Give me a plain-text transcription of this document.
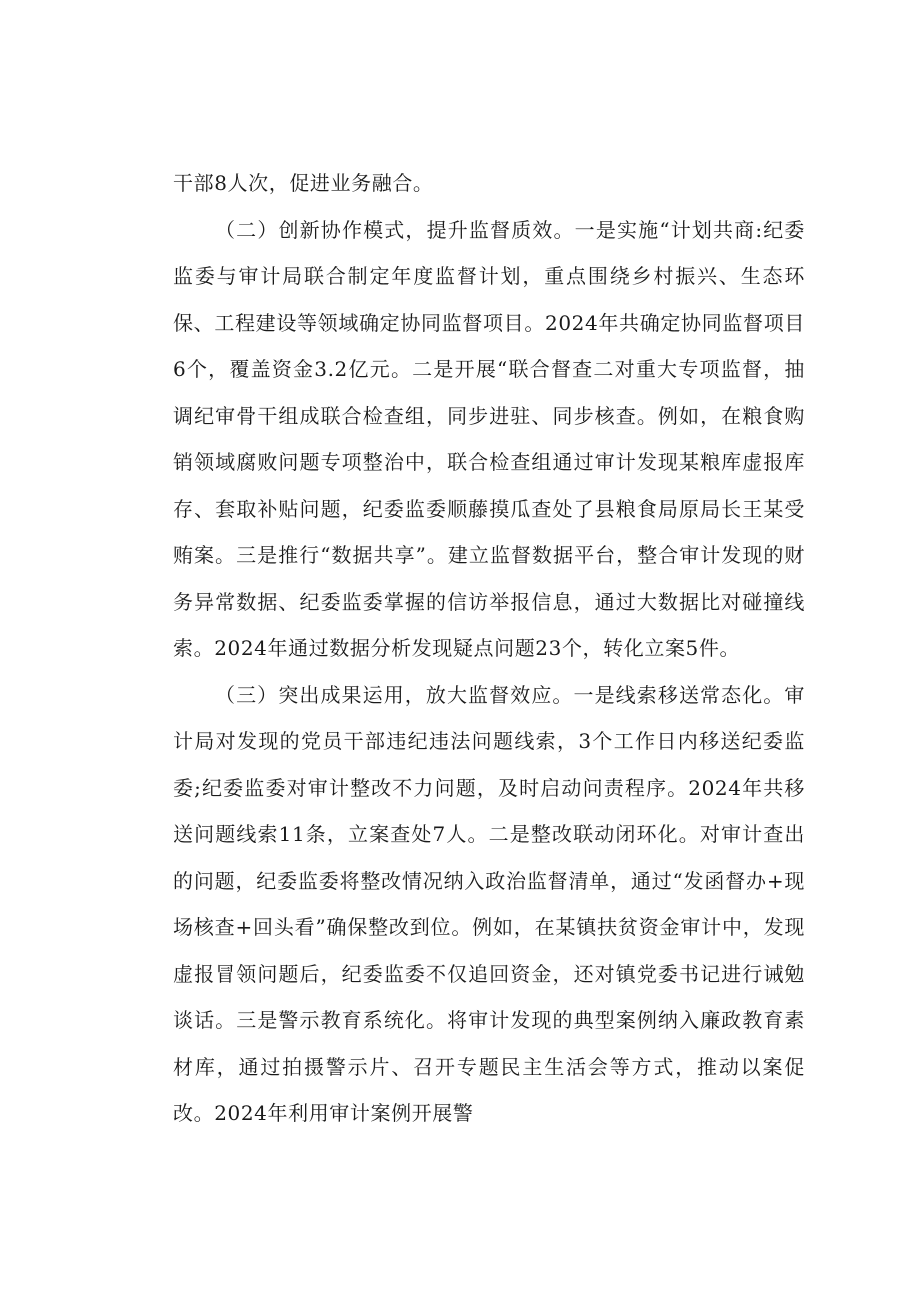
干部8人次，促进业务融合。

（二）创新协作模式，提升监督质效。一是实施“计划共商:纪委监委与审计局联合制定年度监督计划，重点围绕乡村振兴、生态环保、工程建设等领域确定协同监督项目。2024年共确定协同监督项目6个，覆盖资金3.2亿元。二是开展“联合督查二对重大专项监督，抽调纪审骨干组成联合检查组，同步进驻、同步核查。例如，在粮食购销领域腐败问题专项整治中，联合检查组通过审计发现某粮库虚报库存、套取补贴问题，纪委监委顺藤摸瓜查处了县粮食局原局长王某受贿案。三是推行“数据共享”。建立监督数据平台，整合审计发现的财务异常数据、纪委监委掌握的信访举报信息，通过大数据比对碰撞线索。2024年通过数据分析发现疑点问题23个，转化立案5件。

（三）突出成果运用，放大监督效应。一是线索移送常态化。审计局对发现的党员干部违纪违法问题线索，3个工作日内移送纪委监委;纪委监委对审计整改不力问题，及时启动问责程序。2024年共移送问题线索11条，立案查处7人。二是整改联动闭环化。对审计查出的问题，纪委监委将整改情况纳入政治监督清单，通过“发函督办+现场核查+回头看”确保整改到位。例如，在某镇扶贫资金审计中，发现虚报冒领问题后，纪委监委不仅追回资金，还对镇党委书记进行诫勉谈话。三是警示教育系统化。将审计发现的典型案例纳入廉政教育素材库，通过拍摄警示片、召开专题民主生活会等方式，推动以案促改。2024年利用审计案例开展警
